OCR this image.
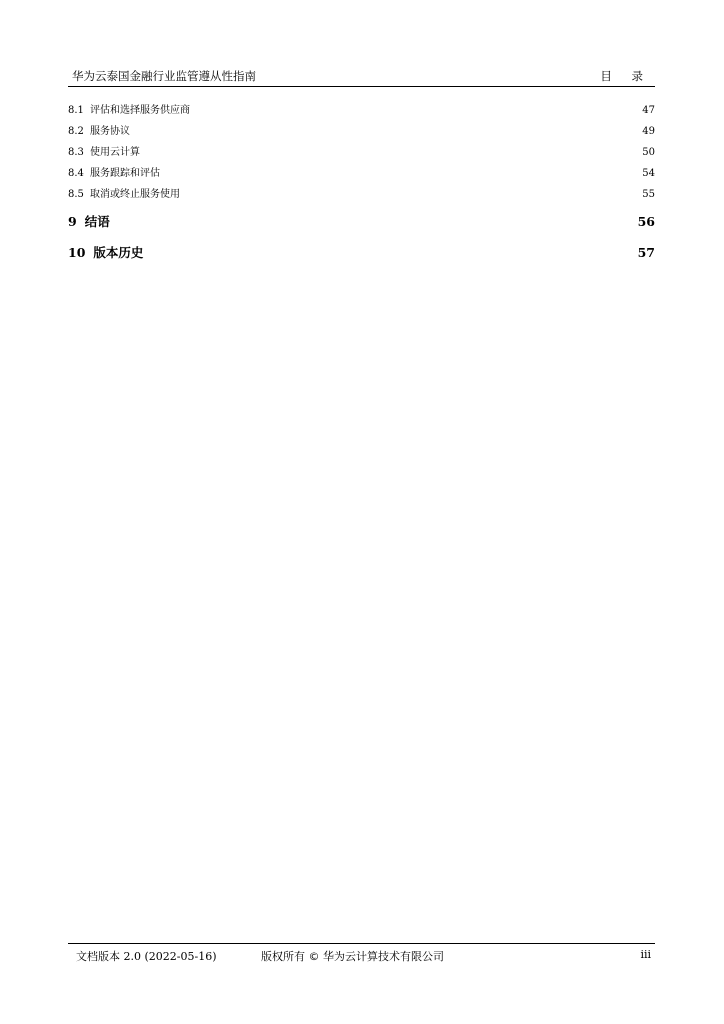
华为云泰国金融行业监管遵从性指南	目 录
8.1 评估和选择服务供应商 .....	47
8.2 服务协议 .....	49
8.3 使用云计算 .....	50
8.4 服务跟踪和评估 .....	54
8.5 取消或终止服务使用 .....	55
9 结语 .....	56
10 版本历史 .....	57
文档版本 2.0 (2022-05-16)	版权所有 © 华为云计算技术有限公司	iii
